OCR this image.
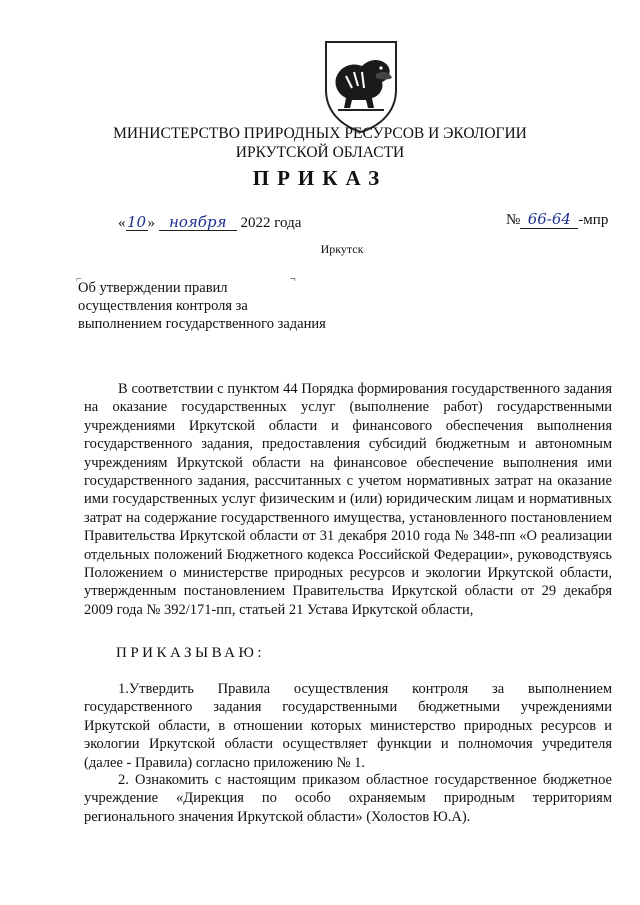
МИНИСТЕРСТВО ПРИРОДНЫХ РЕСУРСОВ И ЭКОЛОГИИ
ИРКУТСКОЙ ОБЛАСТИ
ПРИКАЗ
«10» ноября 2022 года	№ 66-64 -мпр
Иркутск
⌐	¬
Об утверждении правил
осуществления контроля за
выполнением государственного задания

В соответствии с пунктом 44 Порядка формирования государственного задания на оказание государственных услуг (выполнение работ) государственными учреждениями Иркутской области и финансового обеспечения выполнения государственного задания, предоставления субсидий бюджетным и автономным учреждениям Иркутской области на финансовое обеспечение выполнения ими государственного задания, рассчитанных с учетом нормативных затрат на оказание ими государственных услуг физическим и (или) юридическим лицам и нормативных затрат на содержание государственного имущества, установленного постановлением Правительства Иркутской области от 31 декабря 2010 года № 348-пп «О реализации отдельных положений Бюджетного кодекса Российской Федерации», руководствуясь Положением о министерстве природных ресурсов и экологии Иркутской области, утвержденным постановлением Правительства Иркутской области от 29 декабря 2009 года № 392/171-пп, статьей 21 Устава Иркутской области,

ПРИКАЗЫВАЮ:
1.Утвердить Правила осуществления контроля за выполнением государственного задания государственными бюджетными учреждениями Иркутской области, в отношении которых министерство природных ресурсов и экологии Иркутской области осуществляет функции и полномочия учредителя (далее - Правила) согласно приложению № 1.
2. Ознакомить с настоящим приказом областное государственное бюджетное учреждение «Дирекция по особо охраняемым природным территориям регионального значения Иркутской области» (Холостов Ю.А).
